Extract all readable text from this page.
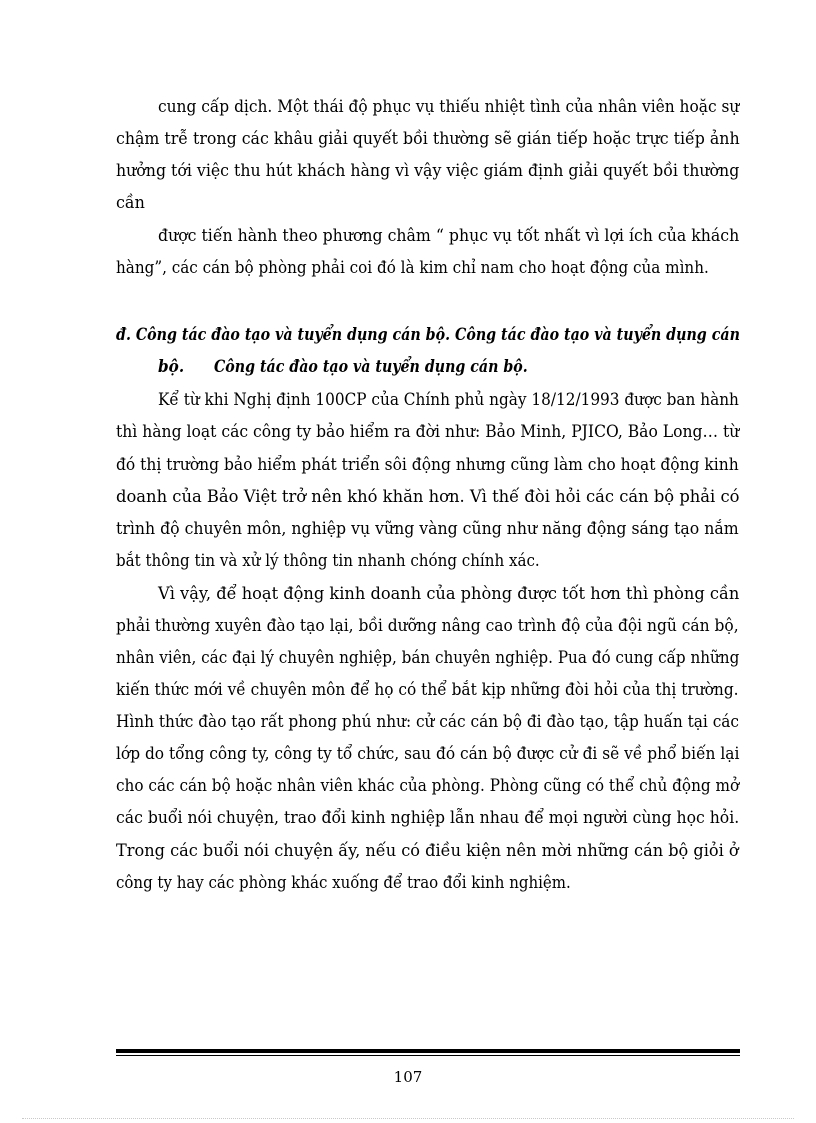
cung cấp dịch. Một thái độ phục vụ thiếu nhiệt tình của nhân viên hoặc sự
chậm trễ trong các khâu giải quyết bồi thường sẽ gián tiếp hoặc trực tiếp ảnh
hưởng tới việc thu hút khách hàng vì vậy việc giám định giải quyết bồi thường
cần
được tiến hành theo phương châm “ phục vụ tốt nhất vì lợi ích của khách
hàng”, các cán bộ phòng phải coi đó là kim chỉ nam cho hoạt động của mình.
đ. Công tác đào tạo và tuyển dụng cán bộ. Công tác đào tạo và tuyển dụng cán
bộ. Công tác đào tạo và tuyển dụng cán bộ.
Kể từ khi Nghị định 100CP của Chính phủ ngày 18/12/1993 được ban hành
thì hàng loạt các công ty bảo hiểm ra đời như: Bảo Minh, PJICO, Bảo Long… từ
đó thị trường bảo hiểm phát triển sôi động nhưng cũng làm cho hoạt động kinh
doanh của Bảo Việt trở nên khó khăn hơn. Vì thế đòi hỏi các cán bộ phải có
trình độ chuyên môn, nghiệp vụ vững vàng cũng như năng động sáng tạo nắm
bắt thông tin và xử lý thông tin nhanh chóng chính xác.
Vì vậy, để hoạt động kinh doanh của phòng được tốt hơn thì phòng cần
phải thường xuyên đào tạo lại, bồi dưỡng nâng cao trình độ của đội ngũ cán bộ,
nhân viên, các đại lý chuyên nghiệp, bán chuyên nghiệp. Pua đó cung cấp những
kiến thức mới về chuyên môn để họ có thể bắt kịp những đòi hỏi của thị trường.
Hình thức đào tạo rất phong phú như: cử các cán bộ đi đào tạo, tập huấn tại các
lớp do tổng công ty, công ty tổ chức, sau đó cán bộ được cử đi sẽ về phổ biến lại
cho các cán bộ hoặc nhân viên khác của phòng. Phòng cũng có thể chủ động mở
các buổi nói chuyện, trao đổi kinh nghiệp lẫn nhau để mọi người cùng học hỏi.
Trong các buổi nói chuyện ấy, nếu có điều kiện nên mời những cán bộ giỏi ở
công ty hay các phòng khác xuống để trao đổi kinh nghiệm.
107
